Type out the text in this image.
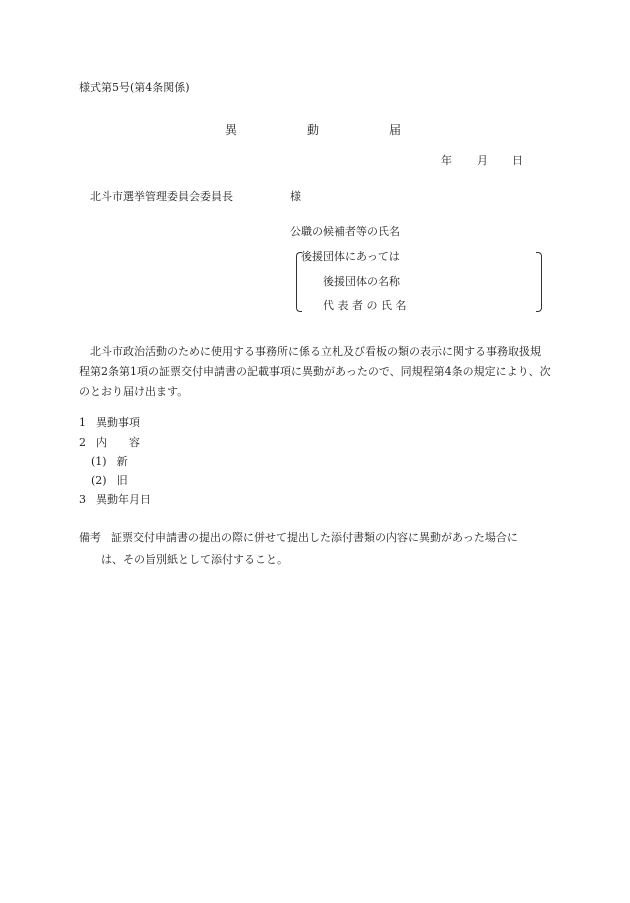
様式第5号(第4条関係)
異	動	届
年 月 日
北斗市選挙管理委員会委員長	様
公職の候補者等の氏名
後援団体にあっては
後援団体の名称
代 表 者 の 氏 名
北斗市政治活動のために使用する事務所に係る立札及び看板の類の表示に関する事務取扱規程第2条第1項の証票交付申請書の記載事項に異動があったので、同規程第4条の規定により、次のとおり届け出ます。
1 異動事項
2 内　　容
(1) 新
(2) 旧
3 異動年月日
備考 証票交付申請書の提出の際に併せて提出した添付書類の内容に異動があった場合に
は、その旨別紙として添付すること。
